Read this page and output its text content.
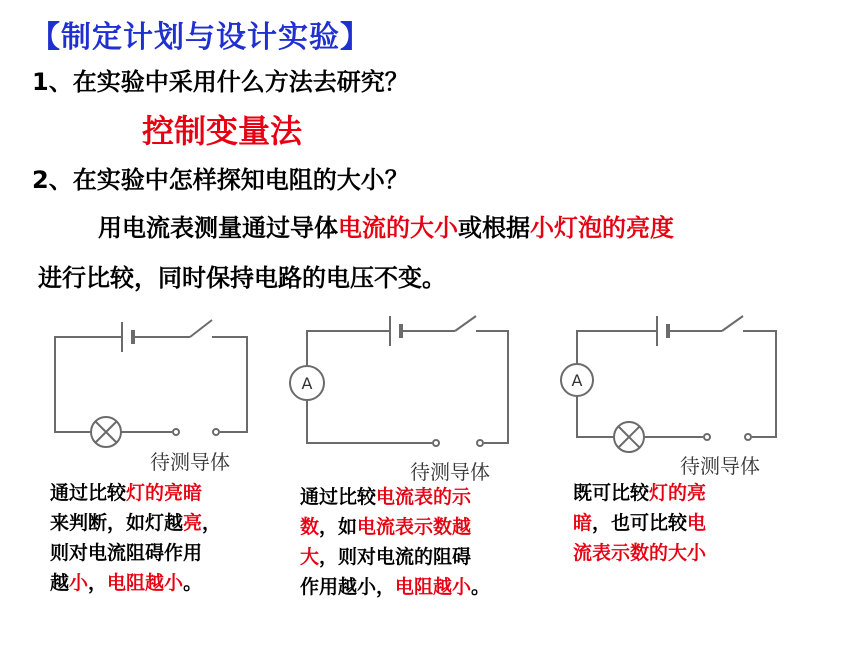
【制定计划与设计实验】
1、在实验中采用什么方法去研究？
控制变量法
2、在实验中怎样探知电阻的大小？
用电流表测量通过导体电流的大小或根据小灯泡的亮度
进行比较，同时保持电路的电压不变。
A	A
待测导体	待测导体	待测导体
通过比较灯的亮暗
来判断，如灯越亮，
则对电流阻碍作用
越小，电阻越小。
通过比较电流表的示
数，如电流表示数越
大，则对电流的阻碍
作用越小，电阻越小。
既可比较灯的亮
暗，也可比较电
流表示数的大小
